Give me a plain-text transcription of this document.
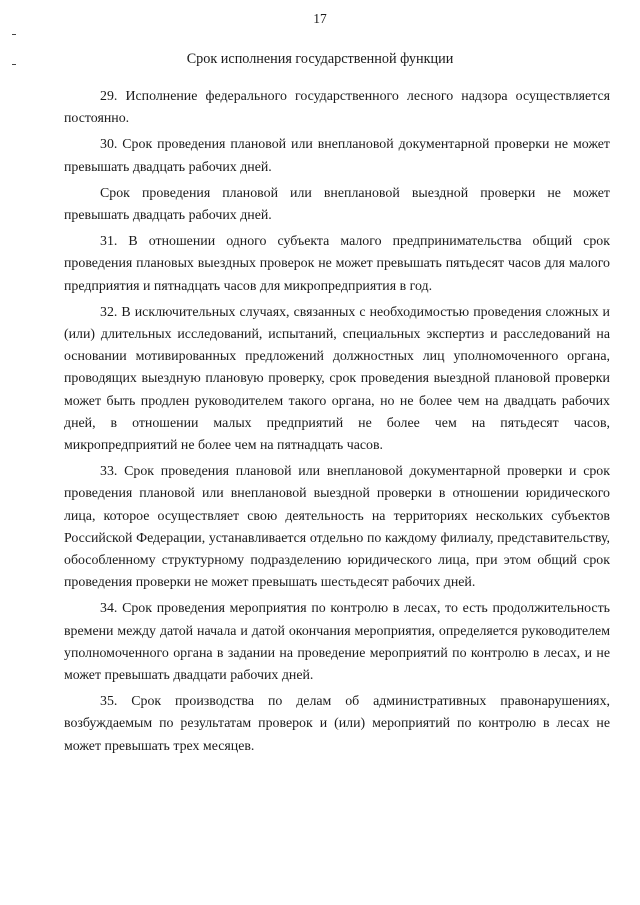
17
Срок исполнения государственной функции

29. Исполнение федерального государственного лесного надзора осуществляется постоянно.

30. Срок проведения плановой или внеплановой документарной проверки не может превышать двадцать рабочих дней.

Срок проведения плановой или внеплановой выездной проверки не может превышать двадцать рабочих дней.

31. В отношении одного субъекта малого предпринимательства общий срок проведения плановых выездных проверок не может превышать пятьдесят часов для малого предприятия и пятнадцать часов для микропредприятия в год.

32. В исключительных случаях, связанных с необходимостью проведения сложных и (или) длительных исследований, испытаний, специальных экспертиз и расследований на основании мотивированных предложений должностных лиц уполномоченного органа, проводящих выездную плановую проверку, срок проведения выездной плановой проверки может быть продлен руководителем такого органа, но не более чем на двадцать рабочих дней, в отношении малых предприятий не более чем на пятьдесят часов, микропредприятий не более чем на пятнадцать часов.

33. Срок проведения плановой или внеплановой документарной проверки и срок проведения плановой или внеплановой выездной проверки в отношении юридического лица, которое осуществляет свою деятельность на территориях нескольких субъектов Российской Федерации, устанавливается отдельно по каждому филиалу, представительству, обособленному структурному подразделению юридического лица, при этом общий срок проведения проверки не может превышать шестьдесят рабочих дней.

34. Срок проведения мероприятия по контролю в лесах, то есть продолжительность времени между датой начала и датой окончания мероприятия, определяется руководителем уполномоченного органа в задании на проведение мероприятий по контролю в лесах, и не может превышать двадцати рабочих дней.

35. Срок производства по делам об административных правонарушениях, возбуждаемым по результатам проверок и (или) мероприятий по контролю в лесах не может превышать трех месяцев.
